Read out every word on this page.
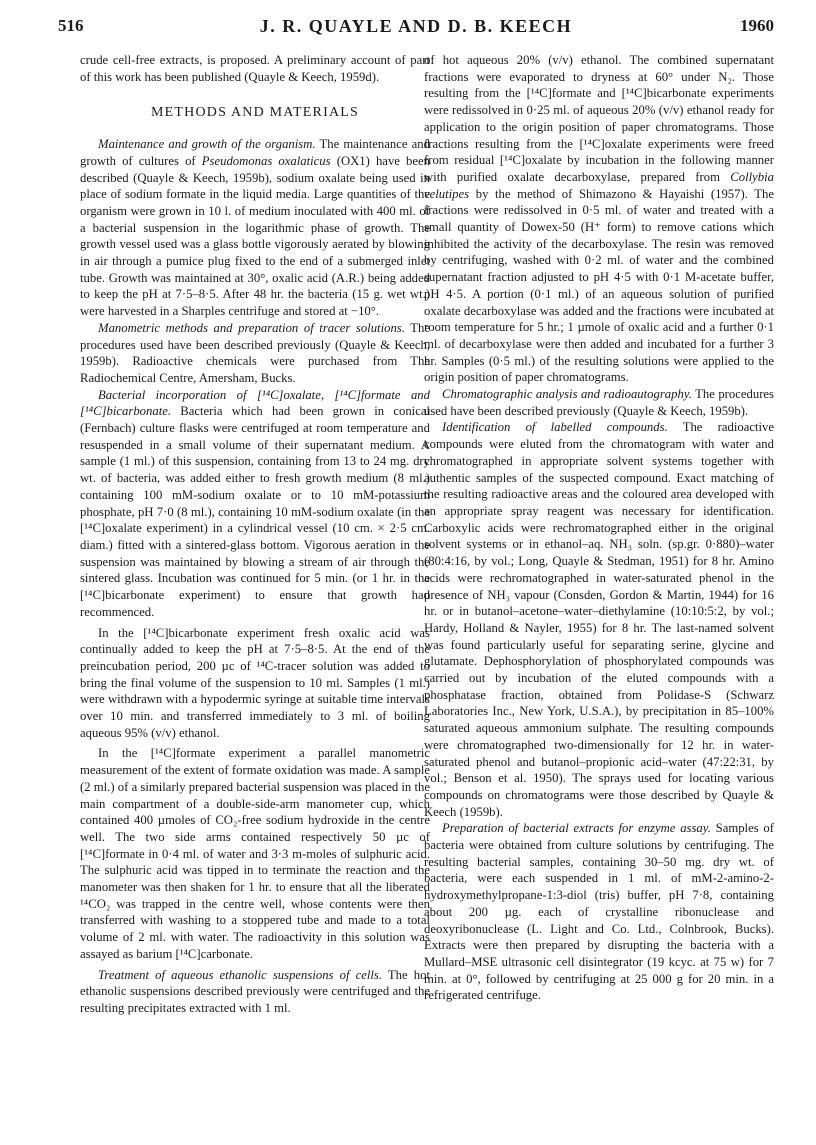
516	J. R. QUAYLE AND D. B. KEECH	1960

crude cell-free extracts, is proposed. A preliminary account of part of this work has been published (Quayle & Keech, 1959d).

METHODS AND MATERIALS

Maintenance and growth of the organism. The maintenance and growth of cultures of Pseudomonas oxalaticus (OX1) have been described (Quayle & Keech, 1959b), sodium oxalate being used in place of sodium formate in the liquid media. Large quantities of the organism were grown in 10 l. of medium inoculated with 400 ml. of a bacterial suspension in the logarithmic phase of growth. The growth vessel used was a glass bottle vigorously aerated by blowing in air through a pumice plug fixed to the end of a submerged inlet tube. Growth was maintained at 30°, oxalic acid (A.R.) being added to keep the pH at 7·5–8·5. After 48 hr. the bacteria (15 g. wet wt.) were harvested in a Sharples centrifuge and stored at −10°.

Manometric methods and preparation of tracer solutions. The procedures used have been described previously (Quayle & Keech, 1959b). Radioactive chemicals were purchased from The Radiochemical Centre, Amersham, Bucks.

Bacterial incorporation of [¹⁴C]oxalate, [¹⁴C]formate and [¹⁴C]bicarbonate. Bacteria which had been grown in conical (Fernbach) culture flasks were centrifuged at room temperature and resuspended in a small volume of their supernatant medium. A sample (1 ml.) of this suspension, containing from 13 to 24 mg. dry wt. of bacteria, was added either to fresh growth medium (8 ml.) containing 100 mM-sodium oxalate or to 10 mM-potassium phosphate, pH 7·0 (8 ml.), containing 10 mM-sodium oxalate (in the [¹⁴C]oxalate experiment) in a cylindrical vessel (10 cm. × 2·5 cm. diam.) fitted with a sintered-glass bottom. Vigorous aeration in the suspension was maintained by blowing a stream of air through the sintered glass. Incubation was continued for 5 min. (or 1 hr. in the [¹⁴C]bicarbonate experiment) to ensure that growth had recommenced.

In the [¹⁴C]bicarbonate experiment fresh oxalic acid was continually added to keep the pH at 7·5–8·5. At the end of the preincubation period, 200 µc of ¹⁴C-tracer solution was added to bring the final volume of the suspension to 10 ml. Samples (1 ml.) were withdrawn with a hypodermic syringe at suitable time intervals over 10 min. and transferred immediately to 3 ml. of boiling aqueous 95% (v/v) ethanol.

In the [¹⁴C]formate experiment a parallel manometric measurement of the extent of formate oxidation was made. A sample (2 ml.) of a similarly prepared bacterial suspension was placed in the main compartment of a double-side-arm manometer cup, which contained 400 µmoles of CO₂-free sodium hydroxide in the centre well. The two side arms contained respectively 50 µc of [¹⁴C]formate in 0·4 ml. of water and 3·3 m-moles of sulphuric acid. The sulphuric acid was tipped in to terminate the reaction and the manometer was then shaken for 1 hr. to ensure that all the liberated ¹⁴CO₂ was trapped in the centre well, whose contents were then transferred with washing to a stoppered tube and made to a total volume of 2 ml. with water. The radioactivity in this solution was assayed as barium [¹⁴C]carbonate.

Treatment of aqueous ethanolic suspensions of cells. The hot ethanolic suspensions described previously were centrifuged and the resulting precipitates extracted with 1 ml.

of hot aqueous 20% (v/v) ethanol. The combined supernatant fractions were evaporated to dryness at 60° under N₂. Those resulting from the [¹⁴C]formate and [¹⁴C]bicarbonate experiments were redissolved in 0·25 ml. of aqueous 20% (v/v) ethanol ready for application to the origin position of paper chromatograms. Those fractions resulting from the [¹⁴C]oxalate experiments were freed from residual [¹⁴C]oxalate by incubation in the following manner with purified oxalate decarboxylase, prepared from Collybia velutipes by the method of Shimazono & Hayaishi (1957). The fractions were redissolved in 0·5 ml. of water and treated with a small quantity of Dowex-50 (H⁺ form) to remove cations which inhibited the activity of the decarboxylase. The resin was removed by centrifuging, washed with 0·2 ml. of water and the combined supernatant fraction adjusted to pH 4·5 with 0·1 M-acetate buffer, pH 4·5. A portion (0·1 ml.) of an aqueous solution of purified oxalate decarboxylase was added and the fractions were incubated at room temperature for 5 hr.; 1 µmole of oxalic acid and a further 0·1 ml. of decarboxylase were then added and incubated for a further 3 hr. Samples (0·5 ml.) of the resulting solutions were applied to the origin position of paper chromatograms.

Chromatographic analysis and radioautography. The procedures used have been described previously (Quayle & Keech, 1959b).

Identification of labelled compounds. The radioactive compounds were eluted from the chromatogram with water and chromatographed in appropriate solvent systems together with authentic samples of the suspected compound. Exact matching of the resulting radioactive areas and the coloured area developed with an appropriate spray reagent was necessary for identification. Carboxylic acids were rechromatographed either in the original solvent systems or in ethanol–aq. NH₃ soln. (sp.gr. 0·880)–water (80:4:16, by vol.; Long, Quayle & Stedman, 1951) for 8 hr. Amino acids were rechromatographed in water-saturated phenol in the presence of NH₃ vapour (Consden, Gordon & Martin, 1944) for 16 hr. or in butanol–acetone–water–diethylamine (10:10:5:2, by vol.; Hardy, Holland & Nayler, 1955) for 8 hr. The last-named solvent was found particularly useful for separating serine, glycine and glutamate. Dephosphorylation of phosphorylated compounds was carried out by incubation of the eluted compounds with a phosphatase fraction, obtained from Polidase-S (Schwarz Laboratories Inc., New York, U.S.A.), by precipitation in 85–100% saturated aqueous ammonium sulphate. The resulting compounds were chromatographed two-dimensionally for 12 hr. in water-saturated phenol and butanol–propionic acid–water (47:22:31, by vol.; Benson et al. 1950). The sprays used for locating various compounds on chromatograms were those described by Quayle & Keech (1959b).

Preparation of bacterial extracts for enzyme assay. Samples of bacteria were obtained from culture solutions by centrifuging. The resulting bacterial samples, containing 30–50 mg. dry wt. of bacteria, were each suspended in 1 ml. of mM-2-amino-2-hydroxymethylpropane-1:3-diol (tris) buffer, pH 7·8, containing about 200 µg. each of crystalline ribonuclease and deoxyribonuclease (L. Light and Co. Ltd., Colnbrook, Bucks). Extracts were then prepared by disrupting the bacteria with a Mullard–MSE ultrasonic cell disintegrator (19 kcyc. at 75 w) for 7 min. at 0°, followed by centrifuging at 25 000 g for 20 min. in a refrigerated centrifuge.
